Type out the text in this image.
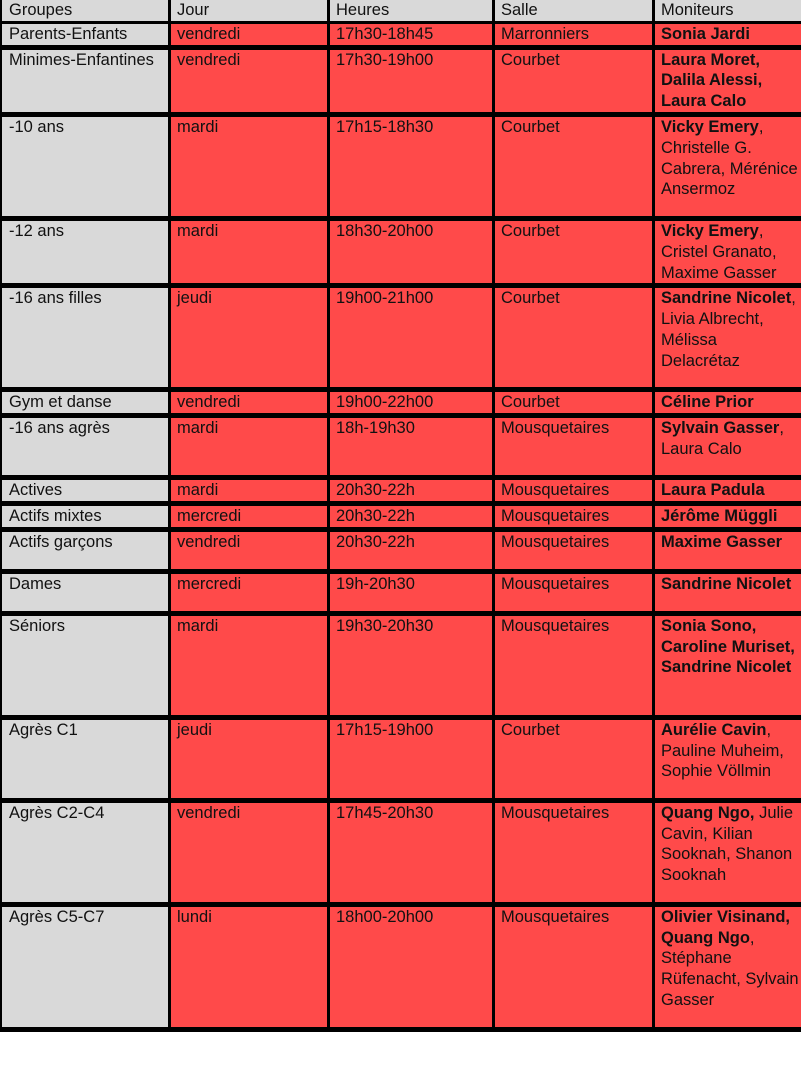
Groupes	Jour	Heures	Salle	Moniteurs
Parents-Enfants	vendredi	17h30-18h45	Marronniers	Sonia Jardi
Minimes-Enfantines	vendredi	17h30-19h00	Courbet	Laura Moret, Dalila Alessi, Laura Calo
-10 ans	mardi	17h15-18h30	Courbet	Vicky Emery, Christelle G. Cabrera, Mérénice Ansermoz
-12 ans	mardi	18h30-20h00	Courbet	Vicky Emery, Cristel Granato, Maxime Gasser
-16 ans filles	jeudi	19h00-21h00	Courbet	Sandrine Nicolet, Livia Albrecht, Mélissa Delacrétaz
Gym et danse	vendredi	19h00-22h00	Courbet	Céline Prior
-16 ans agrès	mardi	18h-19h30	Mousquetaires	Sylvain Gasser, Laura Calo
Actives	mardi	20h30-22h	Mousquetaires	Laura Padula
Actifs mixtes	mercredi	20h30-22h	Mousquetaires	Jérôme Müggli
Actifs garçons	vendredi	20h30-22h	Mousquetaires	Maxime Gasser
Dames	mercredi	19h-20h30	Mousquetaires	Sandrine Nicolet
Séniors	mardi	19h30-20h30	Mousquetaires	Sonia Sono, Caroline Muriset, Sandrine Nicolet
Agrès C1	jeudi	17h15-19h00	Courbet	Aurélie Cavin, Pauline Muheim, Sophie Völlmin
Agrès C2-C4	vendredi	17h45-20h30	Mousquetaires	Quang Ngo, Julie Cavin, Kilian Sooknah, Shanon Sooknah
Agrès C5-C7	lundi	18h00-20h00	Mousquetaires	Olivier Visinand, Quang Ngo, Stéphane Rüfenacht, Sylvain Gasser
